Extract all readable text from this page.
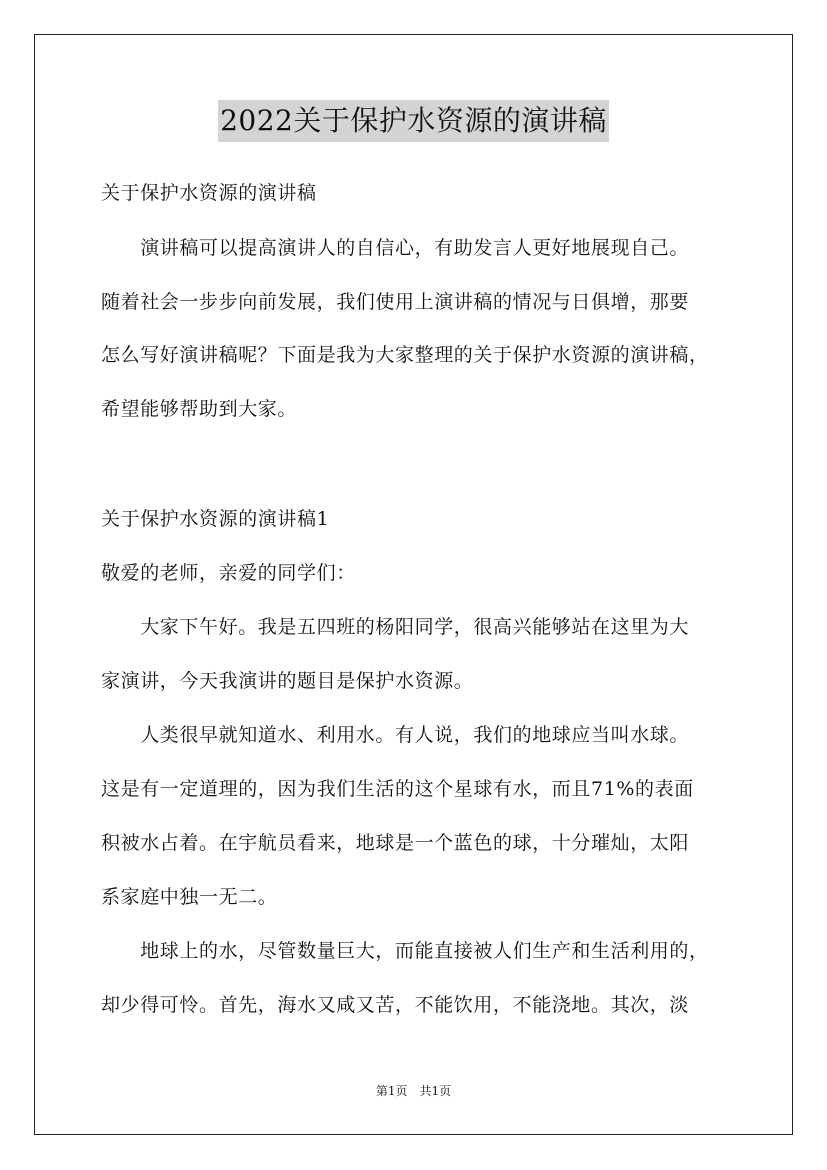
2022关于保护水资源的演讲稿
关于保护水资源的演讲稿
　　演讲稿可以提高演讲人的自信心，有助发言人更好地展现自己。
随着社会一步步向前发展，我们使用上演讲稿的情况与日俱增，那要
怎么写好演讲稿呢？下面是我为大家整理的关于保护水资源的演讲稿，
希望能够帮助到大家。
关于保护水资源的演讲稿1
敬爱的老师，亲爱的同学们：
　　大家下午好。我是五四班的杨阳同学，很高兴能够站在这里为大
家演讲，今天我演讲的题目是保护水资源。
　　人类很早就知道水、利用水。有人说，我们的地球应当叫水球。
这是有一定道理的，因为我们生活的这个星球有水，而且71%的表面
积被水占着。在宇航员看来，地球是一个蓝色的球，十分璀灿，太阳
系家庭中独一无二。
　　地球上的水，尽管数量巨大，而能直接被人们生产和生活利用的，
却少得可怜。首先，海水又咸又苦，不能饮用，不能浇地。其次，淡
第1页　共1页
